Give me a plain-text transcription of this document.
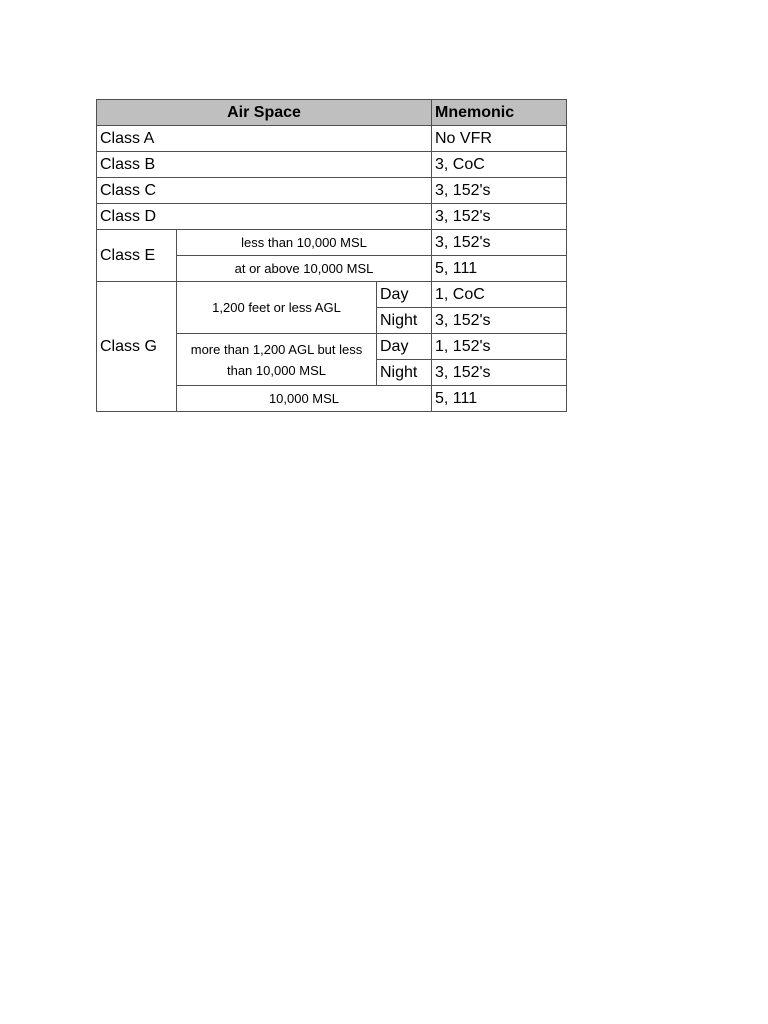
Air Space			Mnemonic
Class A			No VFR
Class B			3, CoC
Class C			3, 152's
Class D			3, 152's
Class E	less than 10,000 MSL		3, 152's
	at or above 10,000 MSL		5, 111
Class G	1,200 feet or less AGL	Day	1, CoC
		Night	3, 152's
	more than 1,200 AGL but less than 10,000 MSL	Day	1, 152's
		Night	3, 152's
	10,000 MSL		5, 111
